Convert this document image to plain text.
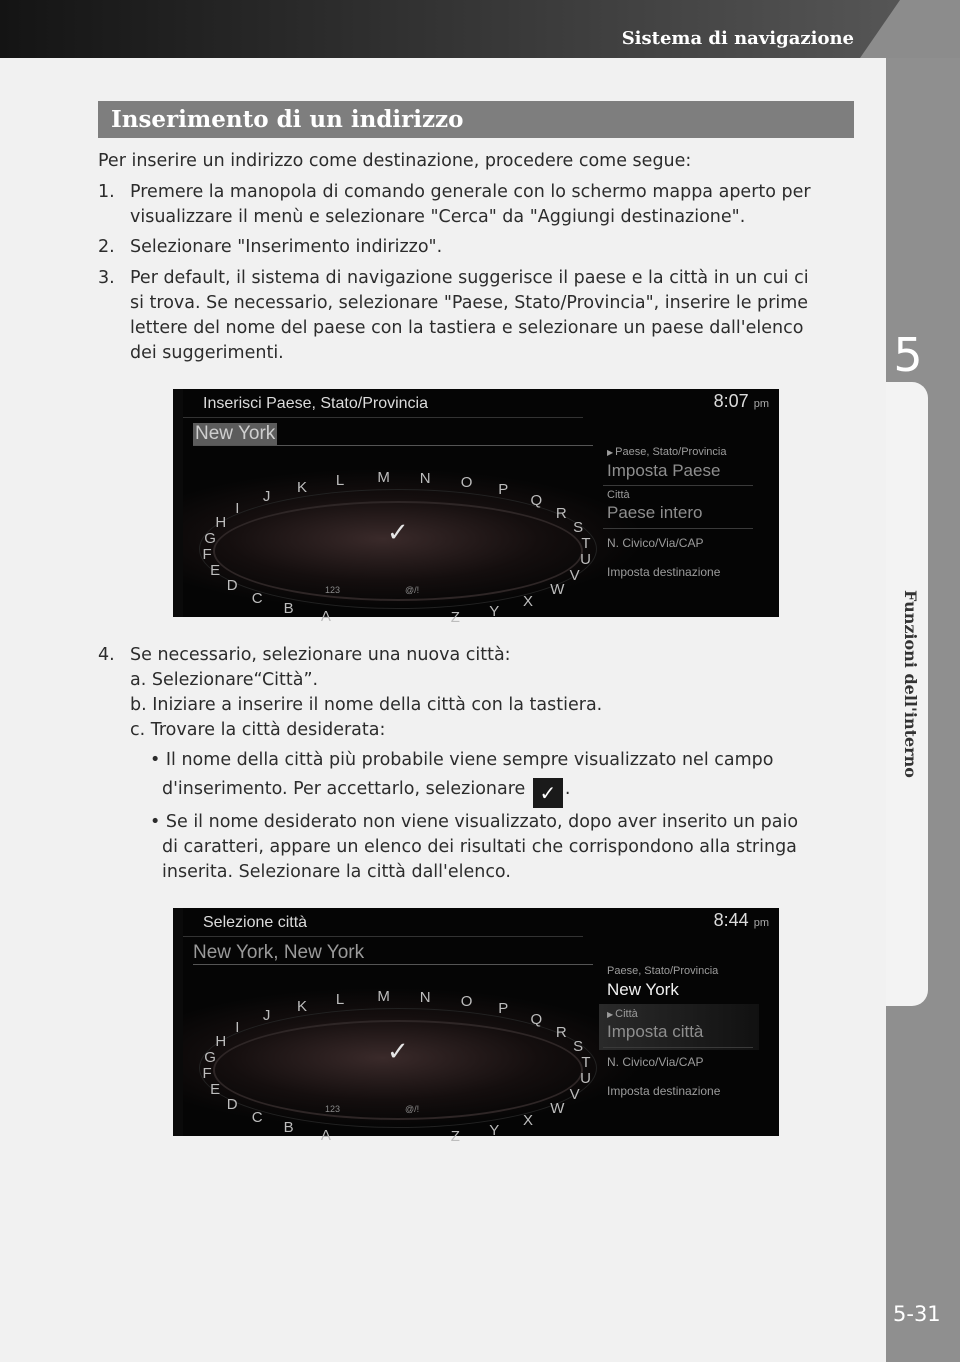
Sistema di navigazione
5
Funzioni dell'interno
5-31
Inserimento di un indirizzo
Per inserire un indirizzo come destinazione, procedere come segue:
1. Premere la manopola di comando generale con lo schermo mappa aperto per
visualizzare il menù e selezionare "Cerca" da "Aggiungi destinazione".
2. Selezionare "Inserimento indirizzo".
3. Per default, il sistema di navigazione suggerisce il paese e la città in un cui ci
si trova. Se necessario, selezionare "Paese, Stato/Provincia", inserire le prime
lettere del nome del paese con la tastiera e selezionare un paese dall'elenco
dei suggerimenti.
Inserisci Paese, Stato/Provincia	8:07 pm
New York
✓
▶ Paese, Stato/Provincia
Imposta Paese
Città
Paese intero
N. Civico/Via/CAP
Imposta destinazione
A
B
C
D
E
F
G
H
I
J
K L M N O P
Q
R
S
T
U
V
W
X
Y
Z
123	@/!
4. Se necessario, selezionare una nuova città:
a. Selezionare“Città”.
b. Iniziare a inserire il nome della città con la tastiera.
c. Trovare la città desiderata:
• Il nome della città più probabile viene sempre visualizzato nel campo
d'inserimento. Per accettarlo, selezionare ✓ .
• Se il nome desiderato non viene visualizzato, dopo aver inserito un paio
di caratteri, appare un elenco dei risultati che corrispondono alla stringa
inserita. Selezionare la città dall'elenco.
Selezione città	8:44 pm
New York, New York
✓
Paese, Stato/Provincia
New York
▶ Città
Imposta città
N. Civico/Via/CAP
Imposta destinazione
A
B
C
D
E
F
G
H
I
J
K L M N O P
Q
R
S
T
U
V
W
X
Y
Z
123	@/!
